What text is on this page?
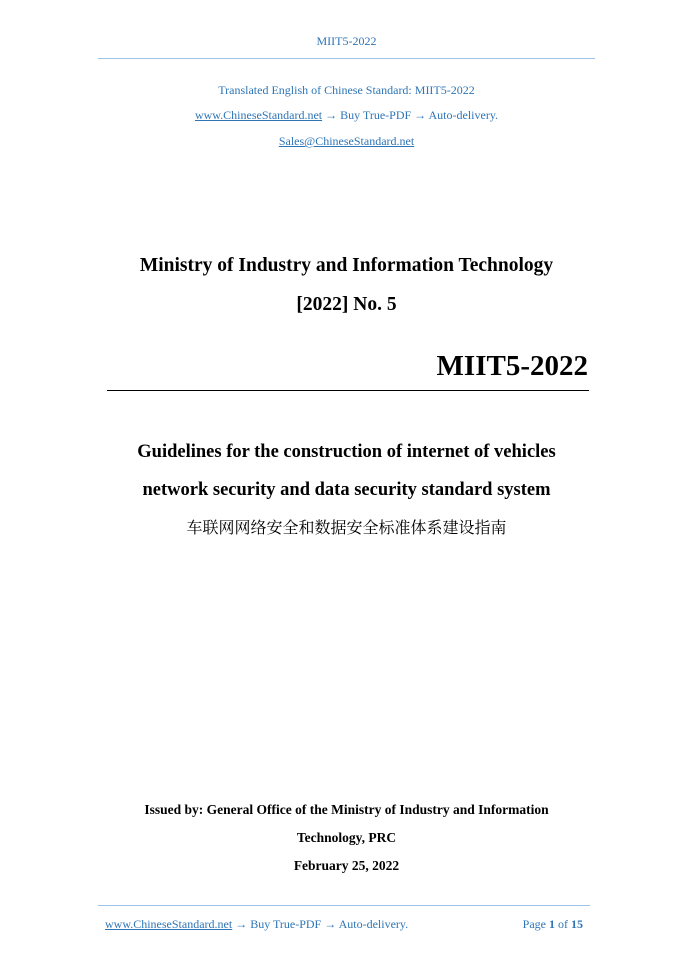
MIIT5-2022
Translated English of Chinese Standard: MIIT5-2022
www.ChineseStandard.net → Buy True-PDF → Auto-delivery.
Sales@ChineseStandard.net
Ministry of Industry and Information Technology
[2022] No. 5
MIIT5-2022
Guidelines for the construction of internet of vehicles
network security and data security standard system
车联网网络安全和数据安全标准体系建设指南
Issued by: General Office of the Ministry of Industry and Information
Technology, PRC
February 25, 2022
www.ChineseStandard.net → Buy True-PDF → Auto-delivery.	Page 1 of 15
